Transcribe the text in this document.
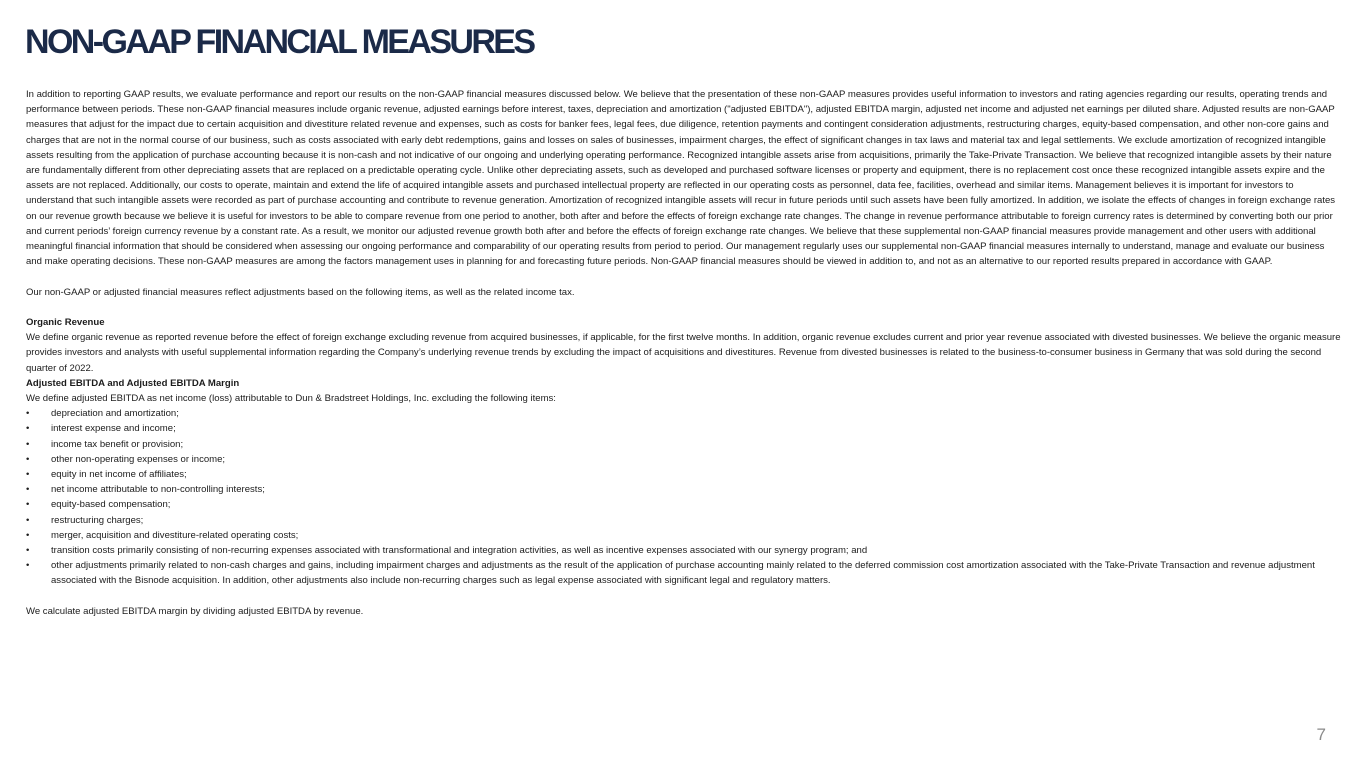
NON-GAAP FINANCIAL MEASURES

In addition to reporting GAAP results, we evaluate performance and report our results on the non-GAAP financial measures discussed below. We believe that the presentation of these non-GAAP measures provides useful information to investors and rating agencies regarding our results, operating trends and performance between periods. These non-GAAP financial measures include organic revenue, adjusted earnings before interest, taxes, depreciation and amortization ("adjusted EBITDA"), adjusted EBITDA margin, adjusted net income and adjusted net earnings per diluted share. Adjusted results are non-GAAP measures that adjust for the impact due to certain acquisition and divestiture related revenue and expenses, such as costs for banker fees, legal fees, due diligence, retention payments and contingent consideration adjustments, restructuring charges, equity-based compensation, and other non-core gains and charges that are not in the normal course of our business, such as costs associated with early debt redemptions, gains and losses on sales of businesses, impairment charges, the effect of significant changes in tax laws and material tax and legal settlements. We exclude amortization of recognized intangible assets resulting from the application of purchase accounting because it is non-cash and not indicative of our ongoing and underlying operating performance. Recognized intangible assets arise from acquisitions, primarily the Take-Private Transaction. We believe that recognized intangible assets by their nature are fundamentally different from other depreciating assets that are replaced on a predictable operating cycle. Unlike other depreciating assets, such as developed and purchased software licenses or property and equipment, there is no replacement cost once these recognized intangible assets expire and the assets are not replaced. Additionally, our costs to operate, maintain and extend the life of acquired intangible assets and purchased intellectual property are reflected in our operating costs as personnel, data fee, facilities, overhead and similar items. Management believes it is important for investors to understand that such intangible assets were recorded as part of purchase accounting and contribute to revenue generation. Amortization of recognized intangible assets will recur in future periods until such assets have been fully amortized. In addition, we isolate the effects of changes in foreign exchange rates on our revenue growth because we believe it is useful for investors to be able to compare revenue from one period to another, both after and before the effects of foreign exchange rate changes. The change in revenue performance attributable to foreign currency rates is determined by converting both our prior and current periods’ foreign currency revenue by a constant rate. As a result, we monitor our adjusted revenue growth both after and before the effects of foreign exchange rate changes. We believe that these supplemental non-GAAP financial measures provide management and other users with additional meaningful financial information that should be considered when assessing our ongoing performance and comparability of our operating results from period to period. Our management regularly uses our supplemental non-GAAP financial measures internally to understand, manage and evaluate our business and make operating decisions. These non-GAAP measures are among the factors management uses in planning for and forecasting future periods. Non-GAAP financial measures should be viewed in addition to, and not as an alternative to our reported results prepared in accordance with GAAP.

Our non-GAAP or adjusted financial measures reflect adjustments based on the following items, as well as the related income tax.

Organic Revenue

We define organic revenue as reported revenue before the effect of foreign exchange excluding revenue from acquired businesses, if applicable, for the first twelve months. In addition, organic revenue excludes current and prior year revenue associated with divested businesses. We believe the organic measure provides investors and analysts with useful supplemental information regarding the Company’s underlying revenue trends by excluding the impact of acquisitions and divestitures. Revenue from divested businesses is related to the business-to-consumer business in Germany that was sold during the second quarter of 2022.

Adjusted EBITDA and Adjusted EBITDA Margin

We define adjusted EBITDA as net income (loss) attributable to Dun & Bradstreet Holdings, Inc. excluding the following items:

• depreciation and amortization;
• interest expense and income;
• income tax benefit or provision;
• other non-operating expenses or income;
• equity in net income of affiliates;
• net income attributable to non-controlling interests;
• equity-based compensation;
• restructuring charges;
• merger, acquisition and divestiture-related operating costs;
• transition costs primarily consisting of non-recurring expenses associated with transformational and integration activities, as well as incentive expenses associated with our synergy program; and
• other adjustments primarily related to non-cash charges and gains, including impairment charges and adjustments as the result of the application of purchase accounting mainly related to the deferred commission cost amortization associated with the Take-Private Transaction and revenue adjustment associated with the Bisnode acquisition. In addition, other adjustments also include non-recurring charges such as legal expense associated with significant legal and regulatory matters.

We calculate adjusted EBITDA margin by dividing adjusted EBITDA by revenue.

7
